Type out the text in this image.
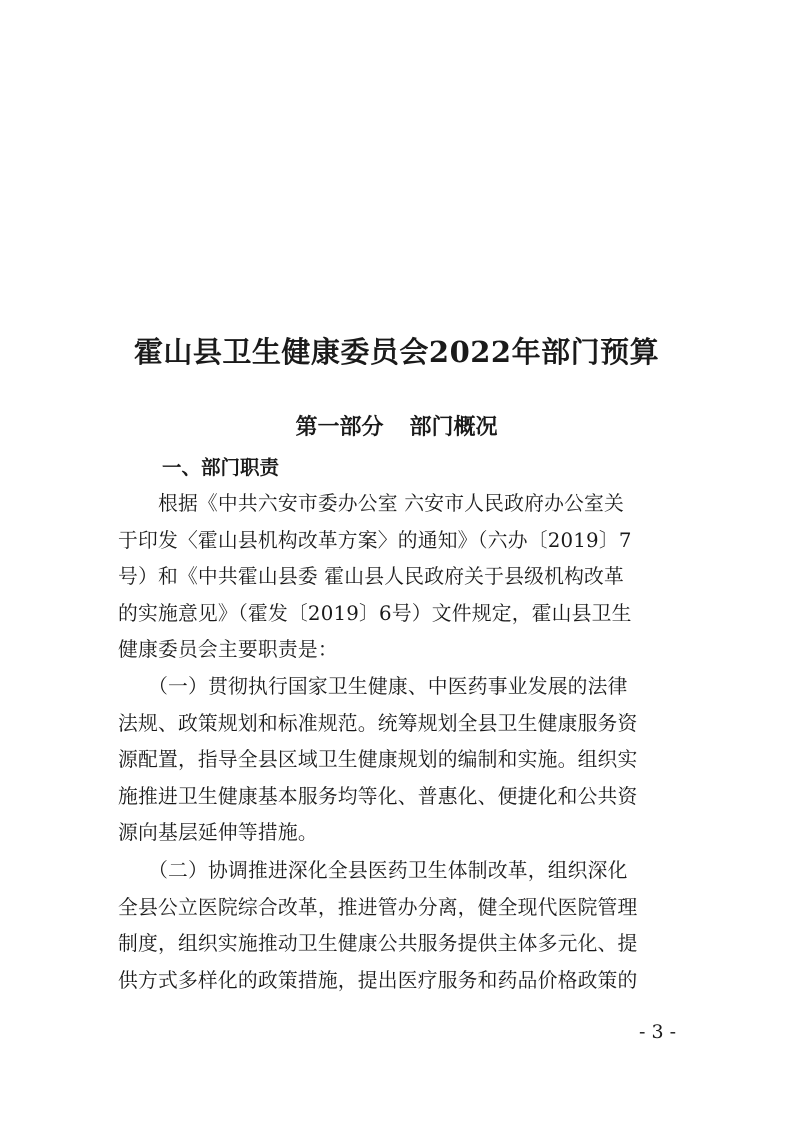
霍山县卫生健康委员会2022年部门预算
第一部分 部门概况
一、部门职责
　　根据《中共六安市委办公室 六安市人民政府办公室关
于印发〈霍山县机构改革方案〉的通知》（六办〔2019〕7
号）和《中共霍山县委 霍山县人民政府关于县级机构改革
的实施意见》（霍发〔2019〕6号）文件规定，霍山县卫生
健康委员会主要职责是：
　　（一）贯彻执行国家卫生健康、中医药事业发展的法律
法规、政策规划和标准规范。统筹规划全县卫生健康服务资
源配置，指导全县区域卫生健康规划的编制和实施。组织实
施推进卫生健康基本服务均等化、普惠化、便捷化和公共资
源向基层延伸等措施。
　　（二）协调推进深化全县医药卫生体制改革，组织深化
全县公立医院综合改革，推进管办分离，健全现代医院管理
制度，组织实施推动卫生健康公共服务提供主体多元化、提
供方式多样化的政策措施，提出医疗服务和药品价格政策的
- 3 -
